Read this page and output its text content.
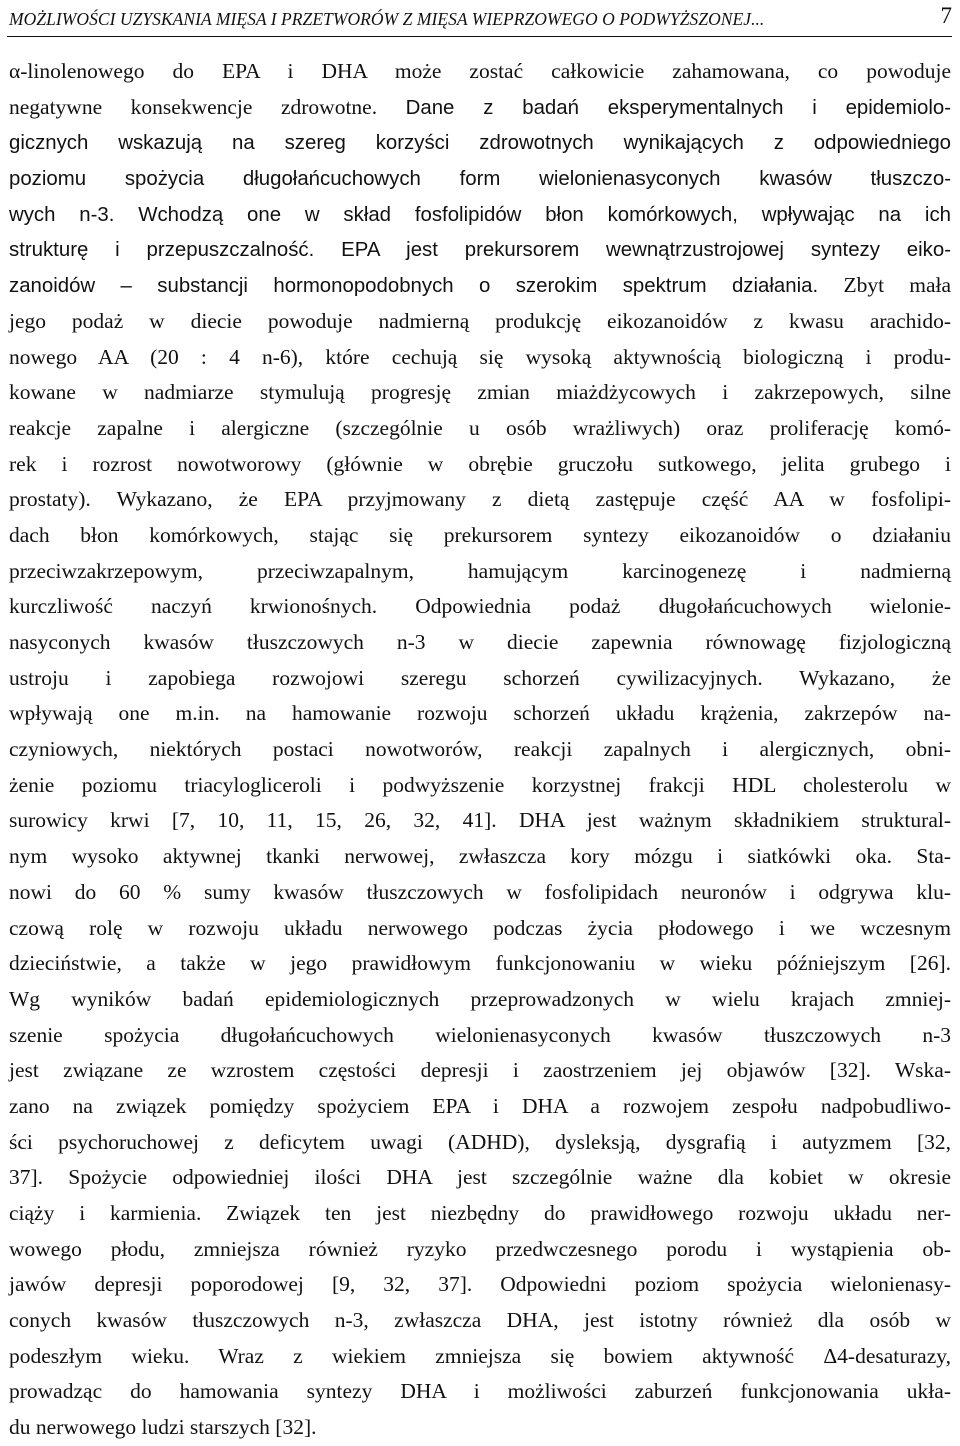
MOŻLIWOŚCI UZYSKANIA MIĘSA I PRZETWORÓW Z MIĘSA WIEPRZOWEGO O PODWYŻSZONEJ...	7
α-linolenowego do EPA i DHA może zostać całkowicie zahamowana, co powoduje
negatywne konsekwencje zdrowotne. Dane z badań eksperymentalnych i epidemiolo-
gicznych wskazują na szereg korzyści zdrowotnych wynikających z odpowiedniego
poziomu spożycia długołańcuchowych form wielonienasyconych kwasów tłuszczo-
wych n-3. Wchodzą one w skład fosfolipidów błon komórkowych, wpływając na ich
strukturę i przepuszczalność. EPA jest prekursorem wewnątrzustrojowej syntezy eiko-
zanoidów – substancji hormonopodobnych o szerokim spektrum działania. Zbyt mała
jego podaż w diecie powoduje nadmierną produkcję eikozanoidów z kwasu arachido-
nowego AA (20 : 4 n-6), które cechują się wysoką aktywnością biologiczną i produ-
kowane w nadmiarze stymulują progresję zmian miażdżycowych i zakrzepowych, silne
reakcje zapalne i alergiczne (szczególnie u osób wrażliwych) oraz proliferację komó-
rek i rozrost nowotworowy (głównie w obrębie gruczołu sutkowego, jelita grubego i
prostaty). Wykazano, że EPA przyjmowany z dietą zastępuje część AA w fosfolipi-
dach błon komórkowych, stając się prekursorem syntezy eikozanoidów o działaniu
przeciwzakrzepowym, przeciwzapalnym, hamującym karcinogenezę i nadmierną
kurczliwość naczyń krwionośnych. Odpowiednia podaż długołańcuchowych wielonie-
nasyconych kwasów tłuszczowych n-3 w diecie zapewnia równowagę fizjologiczną
ustroju i zapobiega rozwojowi szeregu schorzeń cywilizacyjnych. Wykazano, że
wpływają one m.in. na hamowanie rozwoju schorzeń układu krążenia, zakrzepów na-
czyniowych, niektórych postaci nowotworów, reakcji zapalnych i alergicznych, obni-
żenie poziomu triacylogliceroli i podwyższenie korzystnej frakcji HDL cholesterolu w
surowicy krwi [7, 10, 11, 15, 26, 32, 41]. DHA jest ważnym składnikiem struktural-
nym wysoko aktywnej tkanki nerwowej, zwłaszcza kory mózgu i siatkówki oka. Sta-
nowi do 60 % sumy kwasów tłuszczowych w fosfolipidach neuronów i odgrywa klu-
czową rolę w rozwoju układu nerwowego podczas życia płodowego i we wczesnym
dzieciństwie, a także w jego prawidłowym funkcjonowaniu w wieku późniejszym [26].
Wg wyników badań epidemiologicznych przeprowadzonych w wielu krajach zmniej-
szenie spożycia długołańcuchowych wielonienasyconych kwasów tłuszczowych n-3
jest związane ze wzrostem częstości depresji i zaostrzeniem jej objawów [32]. Wska-
zano na związek pomiędzy spożyciem EPA i DHA a rozwojem zespołu nadpobudliwo-
ści psychoruchowej z deficytem uwagi (ADHD), dysleksją, dysgrafią i autyzmem [32,
37]. Spożycie odpowiedniej ilości DHA jest szczególnie ważne dla kobiet w okresie
ciąży i karmienia. Związek ten jest niezbędny do prawidłowego rozwoju układu ner-
wowego płodu, zmniejsza również ryzyko przedwczesnego porodu i wystąpienia ob-
jawów depresji poporodowej [9, 32, 37]. Odpowiedni poziom spożycia wielonienasy-
conych kwasów tłuszczowych n-3, zwłaszcza DHA, jest istotny również dla osób w
podeszłym wieku. Wraz z wiekiem zmniejsza się bowiem aktywność Δ4-desaturazy,
prowadząc do hamowania syntezy DHA i możliwości zaburzeń funkcjonowania ukła-
du nerwowego ludzi starszych [32].
